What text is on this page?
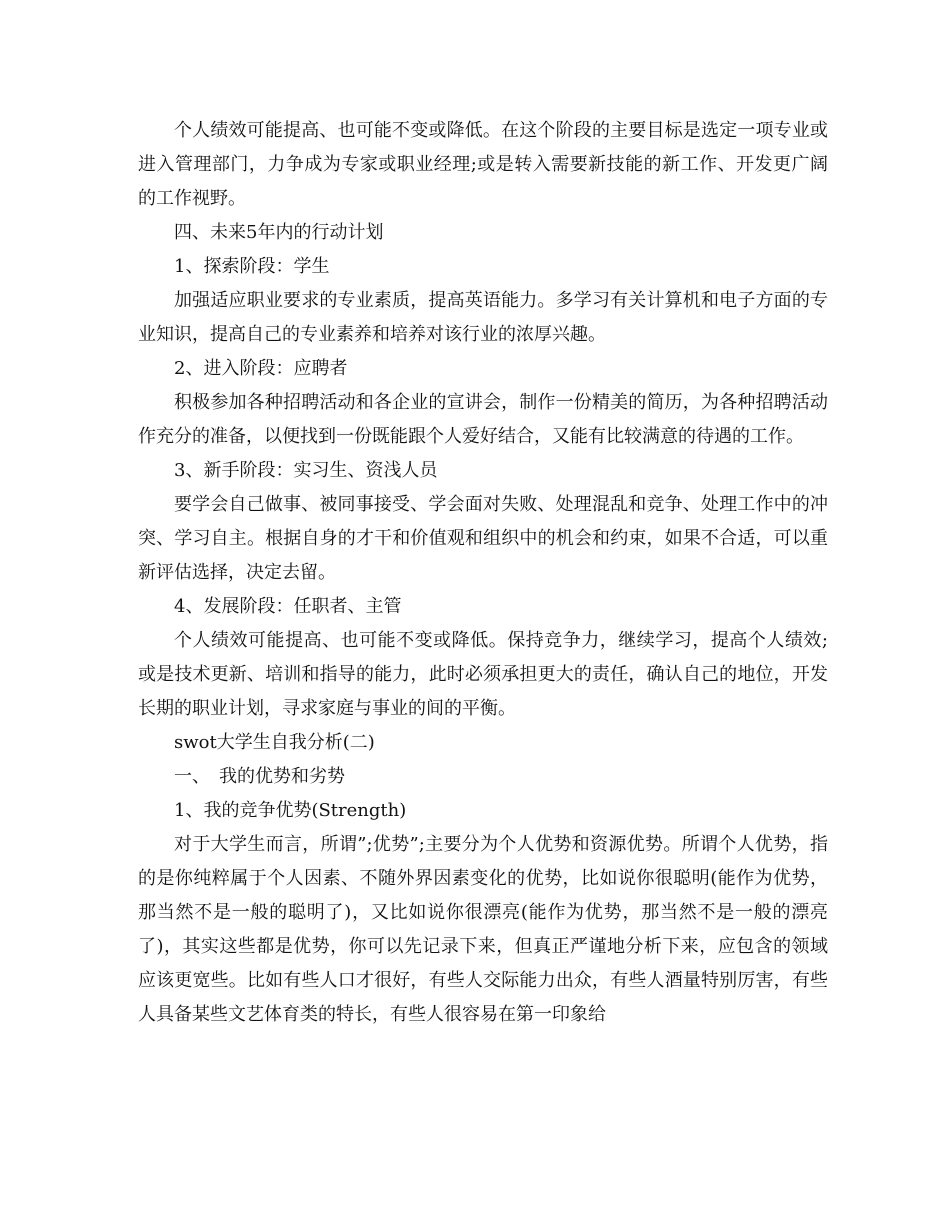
个人绩效可能提高、也可能不变或降低。在这个阶段的主要目标是选定一项专业或进入管理部门，力争成为专家或职业经理;或是转入需要新技能的新工作、开发更广阔的工作视野。

四、未来5年内的行动计划

1、探索阶段：学生

加强适应职业要求的专业素质，提高英语能力。多学习有关计算机和电子方面的专业知识，提高自己的专业素养和培养对该行业的浓厚兴趣。

2、进入阶段：应聘者

积极参加各种招聘活动和各企业的宣讲会，制作一份精美的简历，为各种招聘活动作充分的准备，以便找到一份既能跟个人爱好结合，又能有比较满意的待遇的工作。

3、新手阶段：实习生、资浅人员

要学会自己做事、被同事接受、学会面对失败、处理混乱和竞争、处理工作中的冲突、学习自主。根据自身的才干和价值观和组织中的机会和约束，如果不合适，可以重新评估选择，决定去留。

4、发展阶段：任职者、主管

个人绩效可能提高、也可能不变或降低。保持竞争力，继续学习，提高个人绩效;或是技术更新、培训和指导的能力，此时必须承担更大的责任，确认自己的地位，开发长期的职业计划，寻求家庭与事业的间的平衡。

swot大学生自我分析(二)

一、　我的优势和劣势

1、我的竞争优势(Strength)

对于大学生而言，所谓”;优势”;主要分为个人优势和资源优势。所谓个人优势，指的是你纯粹属于个人因素、不随外界因素变化的优势，比如说你很聪明(能作为优势，那当然不是一般的聪明了)，又比如说你很漂亮(能作为优势，那当然不是一般的漂亮了)，其实这些都是优势，你可以先记录下来，但真正严谨地分析下来，应包含的领域应该更宽些。比如有些人口才很好，有些人交际能力出众，有些人酒量特别厉害，有些人具备某些文艺体育类的特长，有些人很容易在第一印象给
